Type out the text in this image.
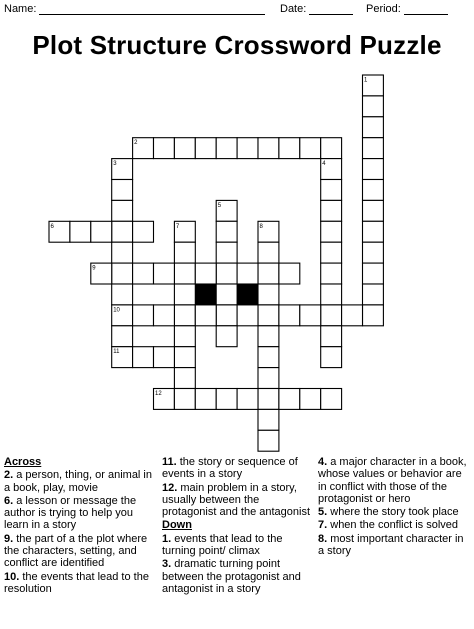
Name:	Date:	Period:
Plot Structure Crossword Puzzle
1
2
3
10
4
5
6	7	8
9
11
12
Across
2. a person, thing, or animal in a book, play, movie
6. a lesson or message the author is trying to help you learn in a story
9. the part of a the plot where the characters, setting, and conflict are identified
10. the events that lead to the resolution
11. the story or sequence of events in a story
12. main problem in a story, usually between the protagonist and the antagonist
Down
1. events that lead to the turning point/ climax
3. dramatic turning point between the protagonist and antagonist in a story
4. a major character in a book, whose values or behavior are in conflict with those of the protagonist or hero
5. where the story took place
7. when the conflict is solved
8. most important character in a story
